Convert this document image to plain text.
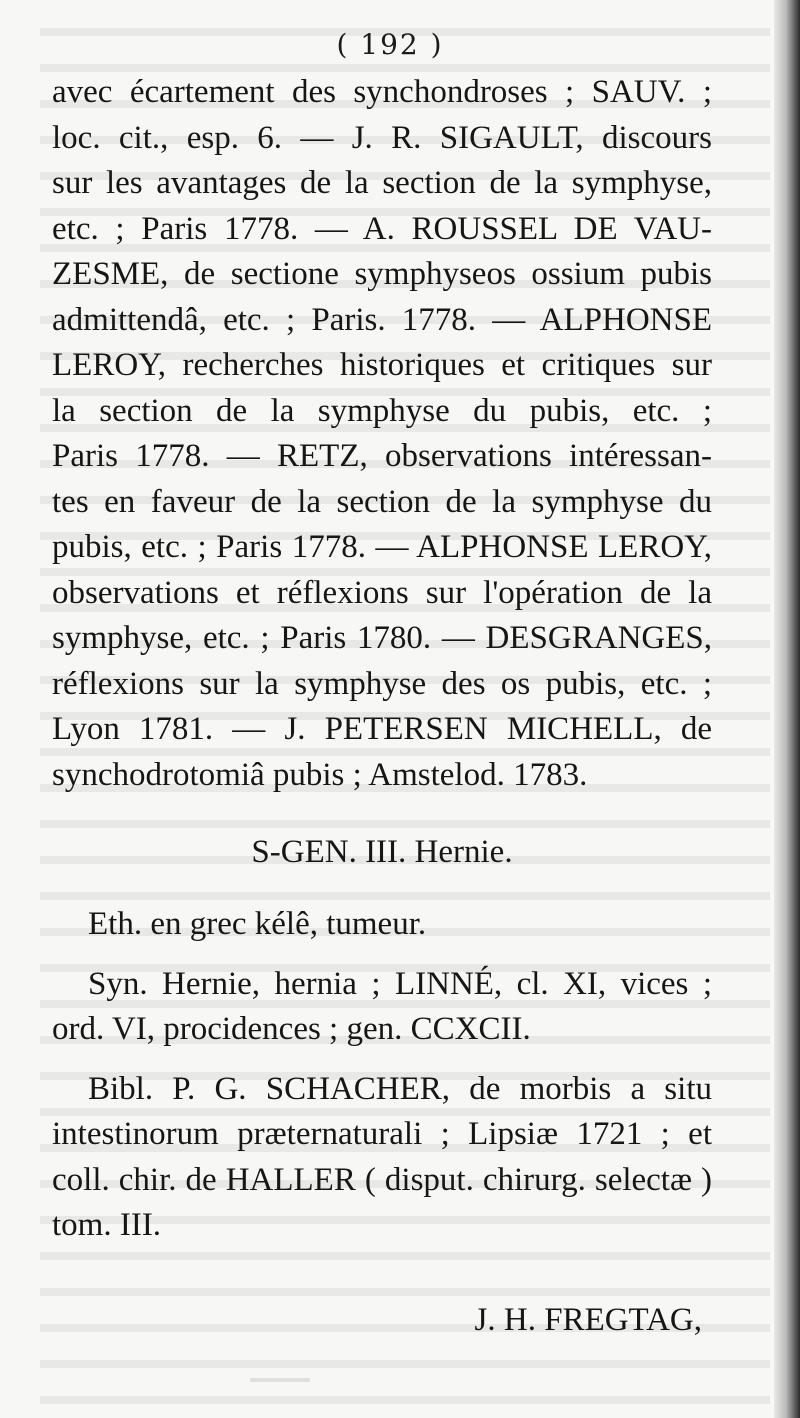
( 192 )
avec écartement des synchondroses ; SAUV. ;
loc. cit., esp. 6. — J. R. SIGAULT, discours
sur les avantages de la section de la symphyse,
etc. ; Paris 1778. — A. ROUSSEL DE VAU-
ZESME, de sectione symphyseos ossium pubis
admittendâ, etc. ; Paris. 1778. — ALPHONSE
LEROY, recherches historiques et critiques sur
la section de la symphyse du pubis, etc. ;
Paris 1778. — RETZ, observations intéressan-
tes en faveur de la section de la symphyse du
pubis, etc. ; Paris 1778. — ALPHONSE LEROY,
observations et réflexions sur l'opération de la
symphyse, etc. ; Paris 1780. — DESGRANGES,
réflexions sur la symphyse des os pubis, etc. ;
Lyon 1781. — J. PETERSEN MICHELL, de
synchodrotomiâ pubis ; Amstelod. 1783.
S-GEN. III. Hernie.
Eth. en grec kélê, tumeur.
Syn. Hernie, hernia ; LINNÉ, cl. XI, vices ;
ord. VI, procidences ; gen. CCXCII.
Bibl. P. G. SCHACHER, de morbis a situ
intestinorum præternaturali ; Lipsiæ 1721 ; et
coll. chir. de HALLER ( disput. chirurg. selectæ )
tom. III.
J. H. FREGTAG,
